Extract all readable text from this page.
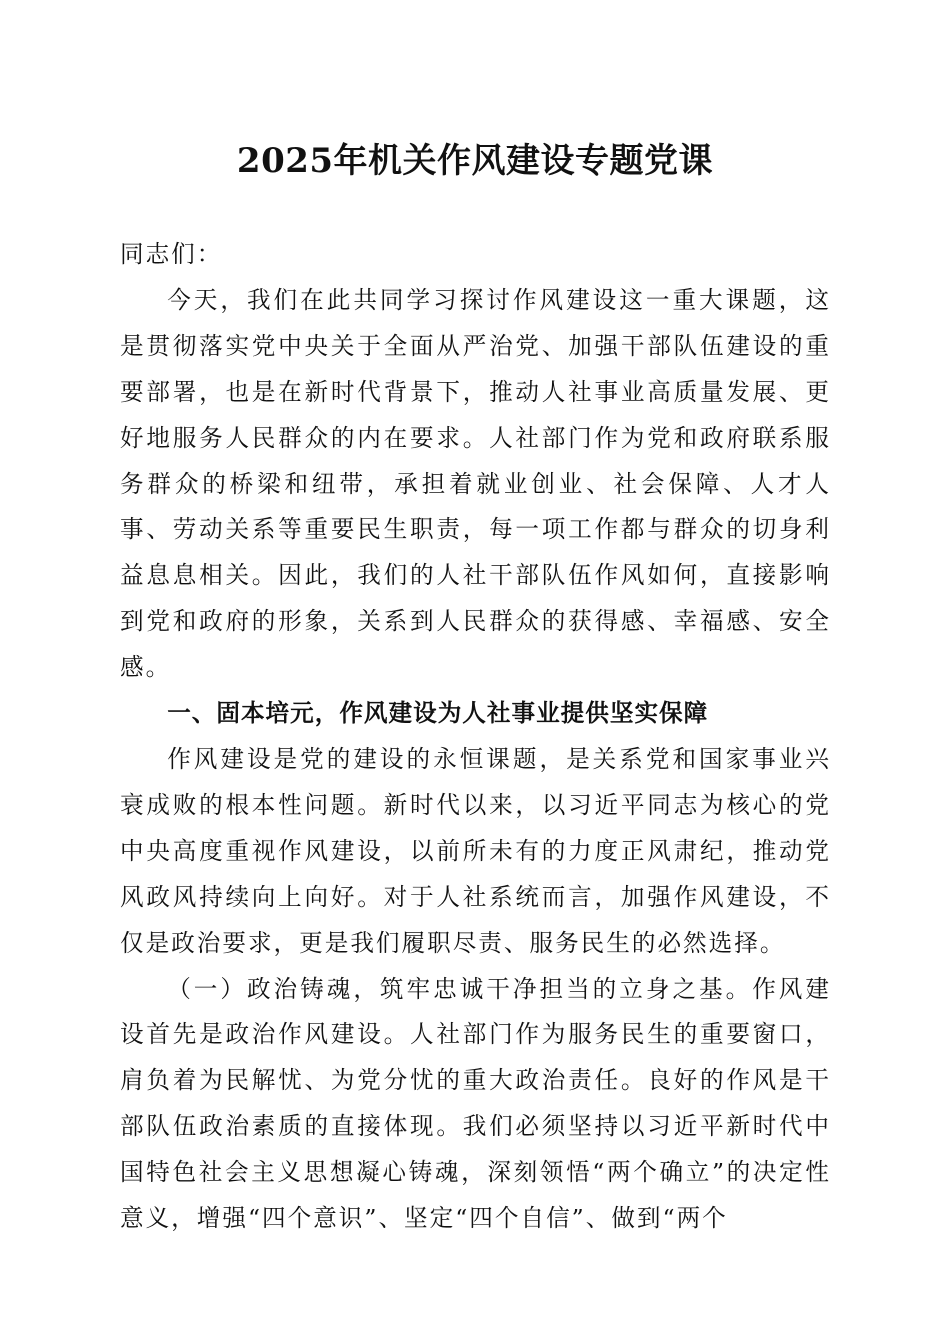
2025年机关作风建设专题党课

同志们：

今天，我们在此共同学习探讨作风建设这一重大课题，这是贯彻落实党中央关于全面从严治党、加强干部队伍建设的重要部署，也是在新时代背景下，推动人社事业高质量发展、更好地服务人民群众的内在要求。人社部门作为党和政府联系服务群众的桥梁和纽带，承担着就业创业、社会保障、人才人事、劳动关系等重要民生职责，每一项工作都与群众的切身利益息息相关。因此，我们的人社干部队伍作风如何，直接影响到党和政府的形象，关系到人民群众的获得感、幸福感、安全感。

一、固本培元，作风建设为人社事业提供坚实保障

作风建设是党的建设的永恒课题，是关系党和国家事业兴衰成败的根本性问题。新时代以来，以习近平同志为核心的党中央高度重视作风建设，以前所未有的力度正风肃纪，推动党风政风持续向上向好。对于人社系统而言，加强作风建设，不仅是政治要求，更是我们履职尽责、服务民生的必然选择。

（一）政治铸魂，筑牢忠诚干净担当的立身之基。作风建设首先是政治作风建设。人社部门作为服务民生的重要窗口，肩负着为民解忧、为党分忧的重大政治责任。良好的作风是干部队伍政治素质的直接体现。我们必须坚持以习近平新时代中国特色社会主义思想凝心铸魂，深刻领悟“两个确立”的决定性意义，增强“四个意识”、坚定“四个自信”、做到“两个
